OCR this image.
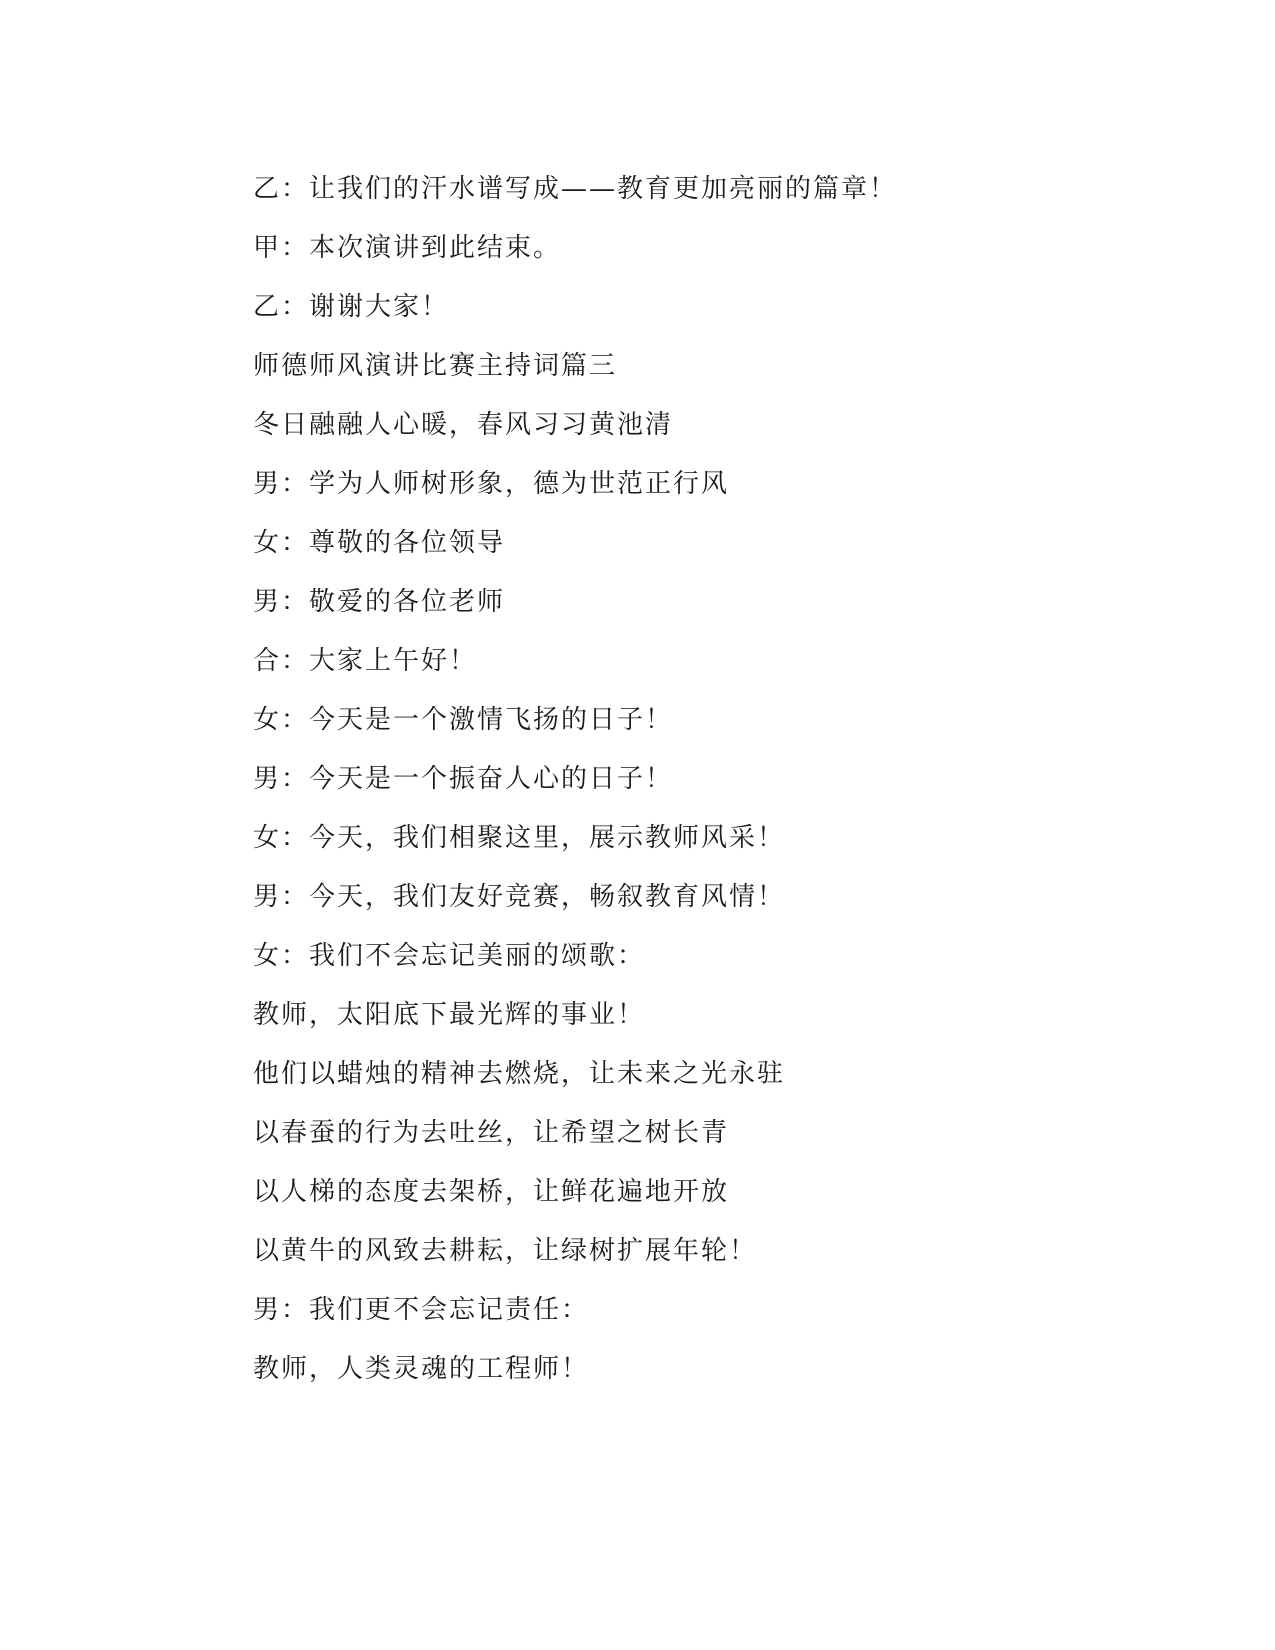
乙：让我们的汗水谱写成——教育更加亮丽的篇章！
甲：本次演讲到此结束。
乙：谢谢大家！
师德师风演讲比赛主持词篇三
冬日融融人心暖，春风习习黄池清
男：学为人师树形象，德为世范正行风
女：尊敬的各位领导
男：敬爱的各位老师
合：大家上午好！
女：今天是一个激情飞扬的日子！
男：今天是一个振奋人心的日子！
女：今天，我们相聚这里，展示教师风采！
男：今天，我们友好竞赛，畅叙教育风情！
女：我们不会忘记美丽的颂歌：
教师，太阳底下最光辉的事业！
他们以蜡烛的精神去燃烧，让未来之光永驻
以春蚕的行为去吐丝，让希望之树长青
以人梯的态度去架桥，让鲜花遍地开放
以黄牛的风致去耕耘，让绿树扩展年轮！
男：我们更不会忘记责任：
教师，人类灵魂的工程师！
